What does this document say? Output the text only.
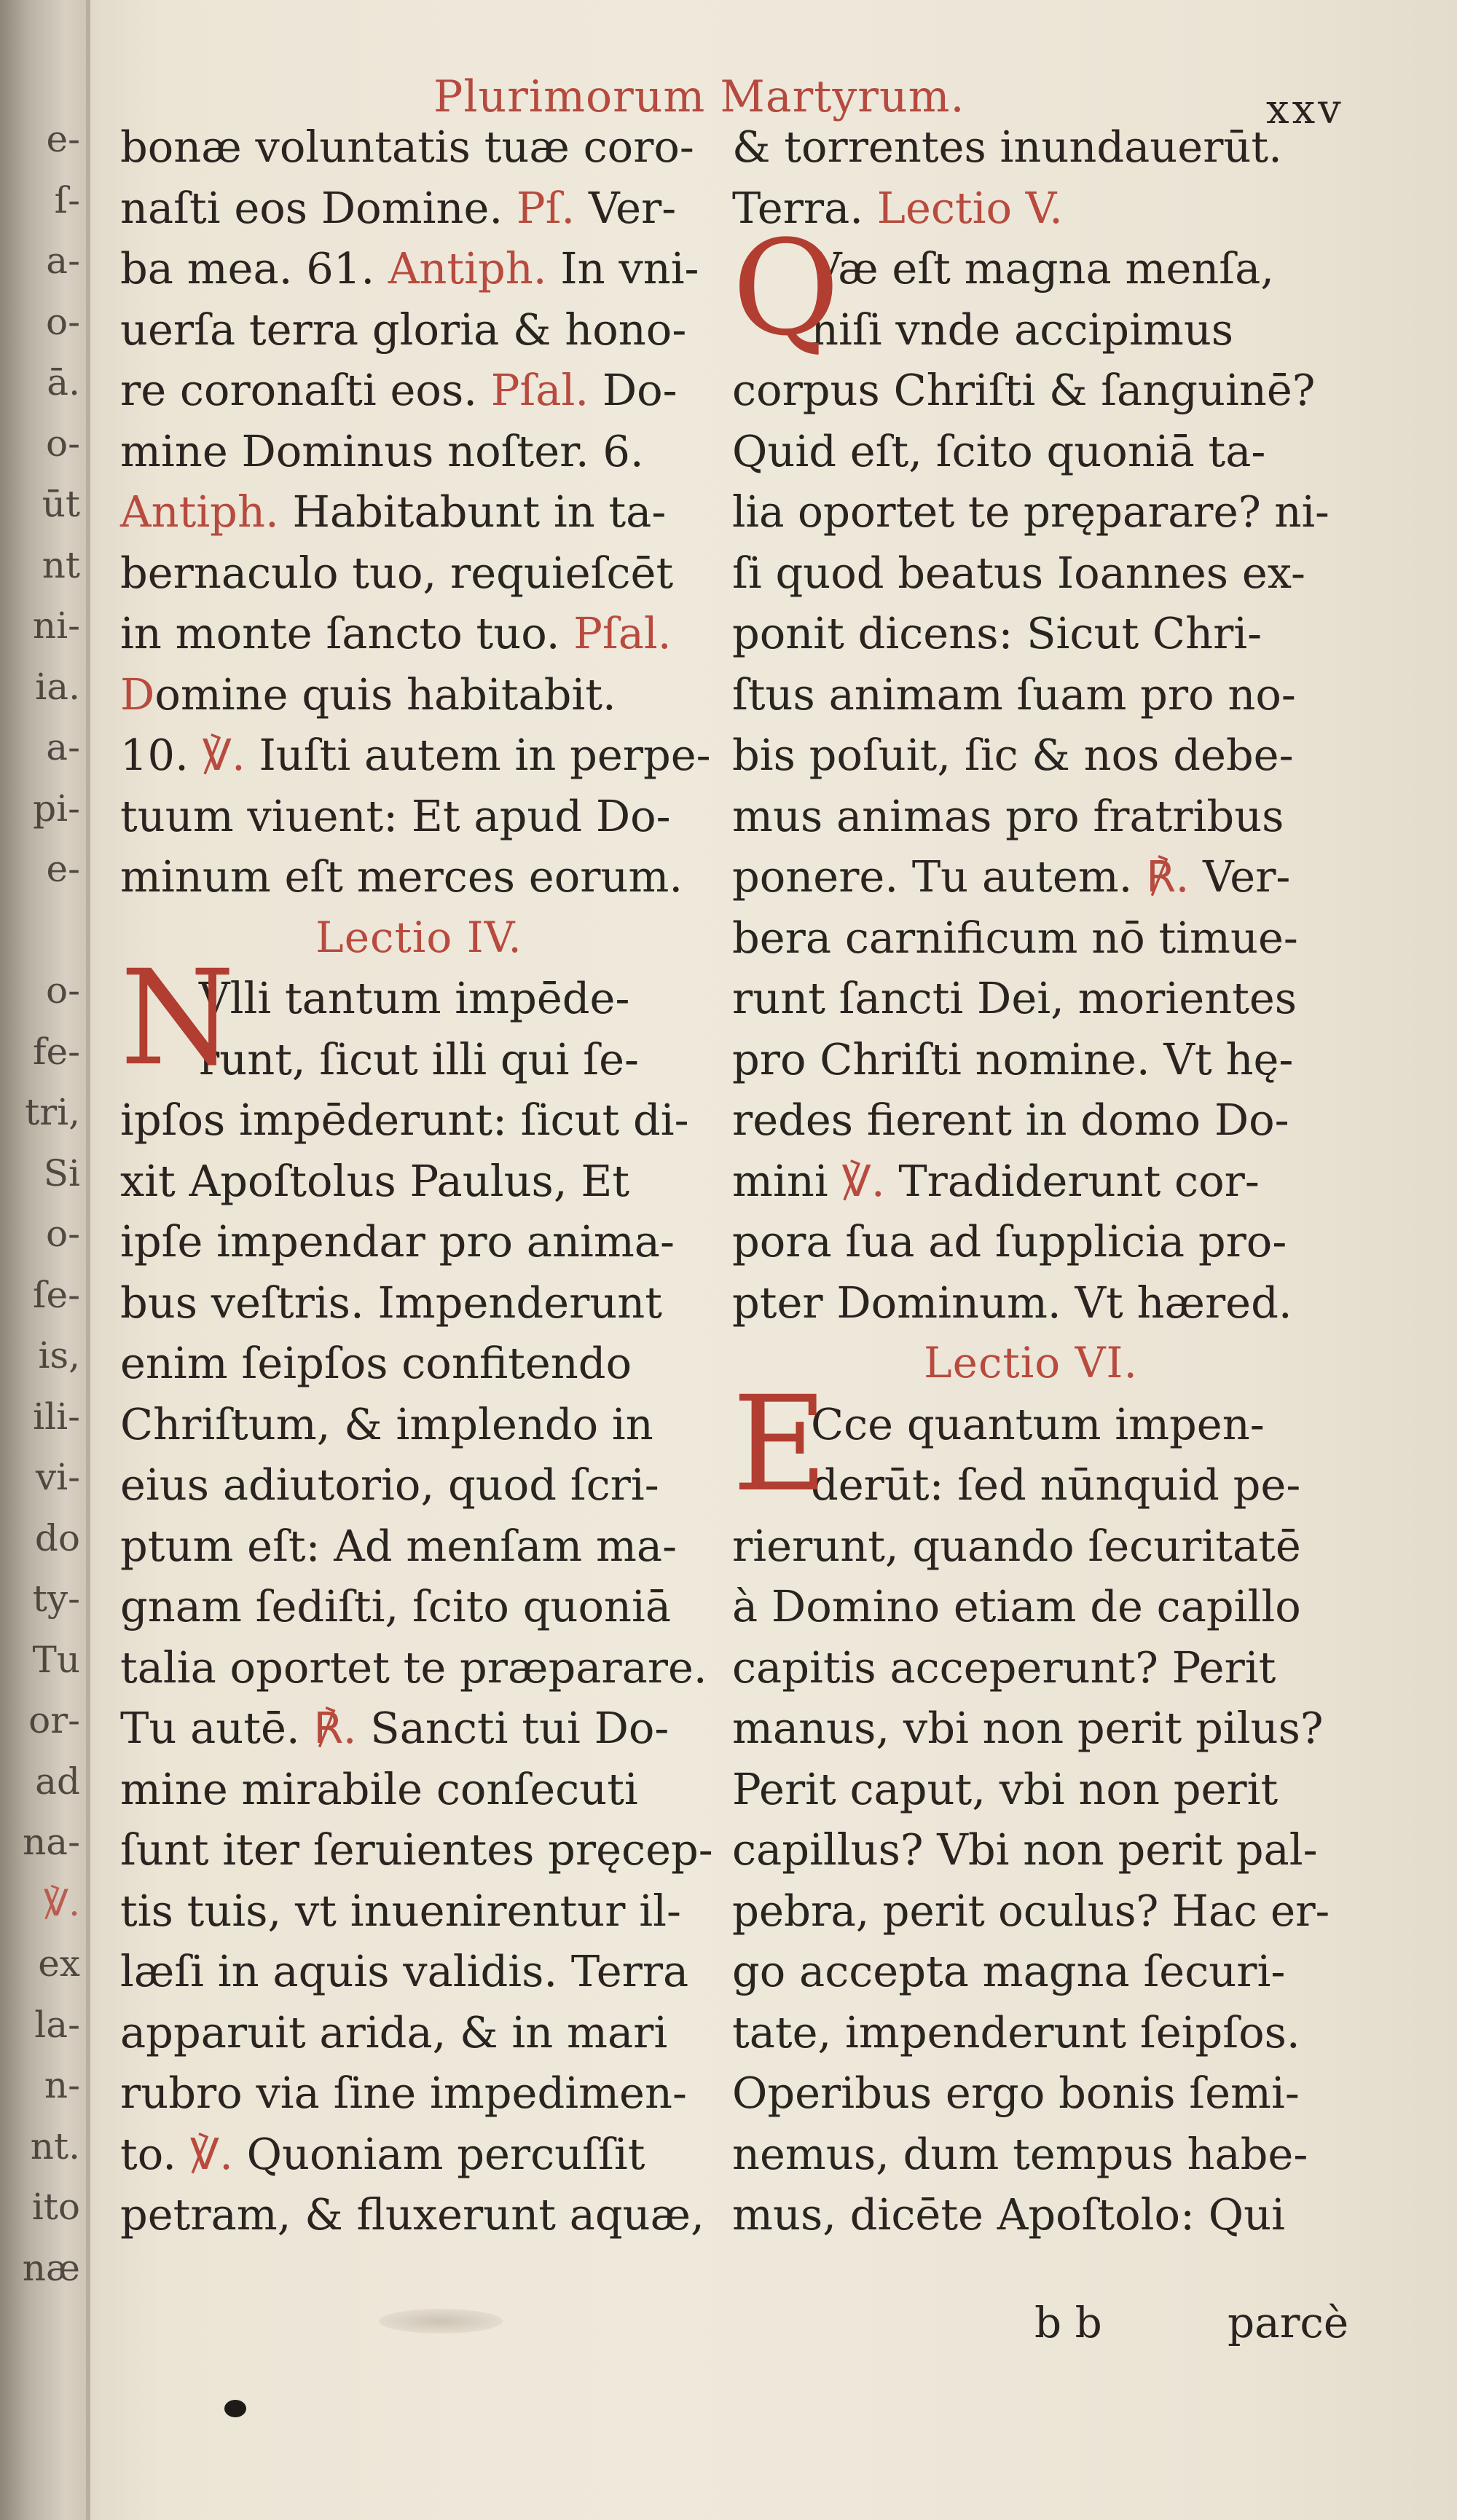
e-
ſ-
a-
o-
ā.
o-
ūt
nt
ni-
ia.
a-
pi-
e-
o-
fe-
tri,
Si
o-
ſe-
is,
ili-
vi-
do
ty-
Tu
or-
ad
na-
℣.
ex
la-
n-
nt.
ito
næ
Plurimorum Martyrum.	xxv
bonæ voluntatis tuæ coro-
naſti eos Domine. Pſ. Ver-
ba mea. 61. Antiph. In vni-
uerſa terra gloria & hono-
re coronaſti eos. Pſal. Do-
mine Dominus noſter. 6.
Antiph. Habitabunt in ta-
bernaculo tuo, requieſcēt
in monte ſancto tuo. Pſal.
Domine quis habitabit.
10. ℣. Iuſti autem in perpe-
tuum viuent: Et apud Do-
minum eſt merces eorum.
Lectio IV.
N
Vlli tantum impēde-
runt, ſicut illi qui ſe-
ipſos impēderunt: ſicut di-
xit Apoſtolus Paulus, Et
ipſe impendar pro anima-
bus veſtris. Impenderunt
enim ſeipſos confitendo
Chriſtum, & implendo in
eius adiutorio, quod ſcri-
ptum eſt: Ad menſam ma-
gnam ſediſti, ſcito quoniā
talia oportet te præparare.
Tu autē. ℟. Sancti tui Do-
mine mirabile conſecuti
ſunt iter ſeruientes pręcep-
tis tuis, vt inuenirentur il-
læſi in aquis validis. Terra
apparuit arida, & in mari
rubro via ſine impedimen-
to. ℣. Quoniam percuſſit
petram, & fluxerunt aquæ,
& torrentes inundauerūt.
Terra. Lectio V.
Q
Væ eſt magna menſa,
niſi vnde accipimus
corpus Chriſti & ſanguinē?
Quid eſt, ſcito quoniā ta-
lia oportet te pręparare? ni-
ſi quod beatus Ioannes ex-
ponit dicens: Sicut Chri-
ſtus animam ſuam pro no-
bis poſuit, ſic & nos debe-
mus animas pro fratribus
ponere. Tu autem. ℟. Ver-
bera carnificum nō timue-
runt ſancti Dei, morientes
pro Chriſti nomine. Vt hę-
redes fierent in domo Do-
mini ℣. Tradiderunt cor-
pora ſua ad ſupplicia pro-
pter Dominum. Vt hæred.
Lectio VI.
E
Cce quantum impen-
derūt: ſed nūnquid pe-
rierunt, quando ſecuritatē
à Domino etiam de capillo
capitis acceperunt? Perit
manus, vbi non perit pilus?
Perit caput, vbi non perit
capillus? Vbi non perit pal-
pebra, perit oculus? Hac er-
go accepta magna ſecuri-
tate, impenderunt ſeipſos.
Operibus ergo bonis ſemi-
nemus, dum tempus habe-
mus, dicēte Apoſtolo: Qui
b b	parcè
